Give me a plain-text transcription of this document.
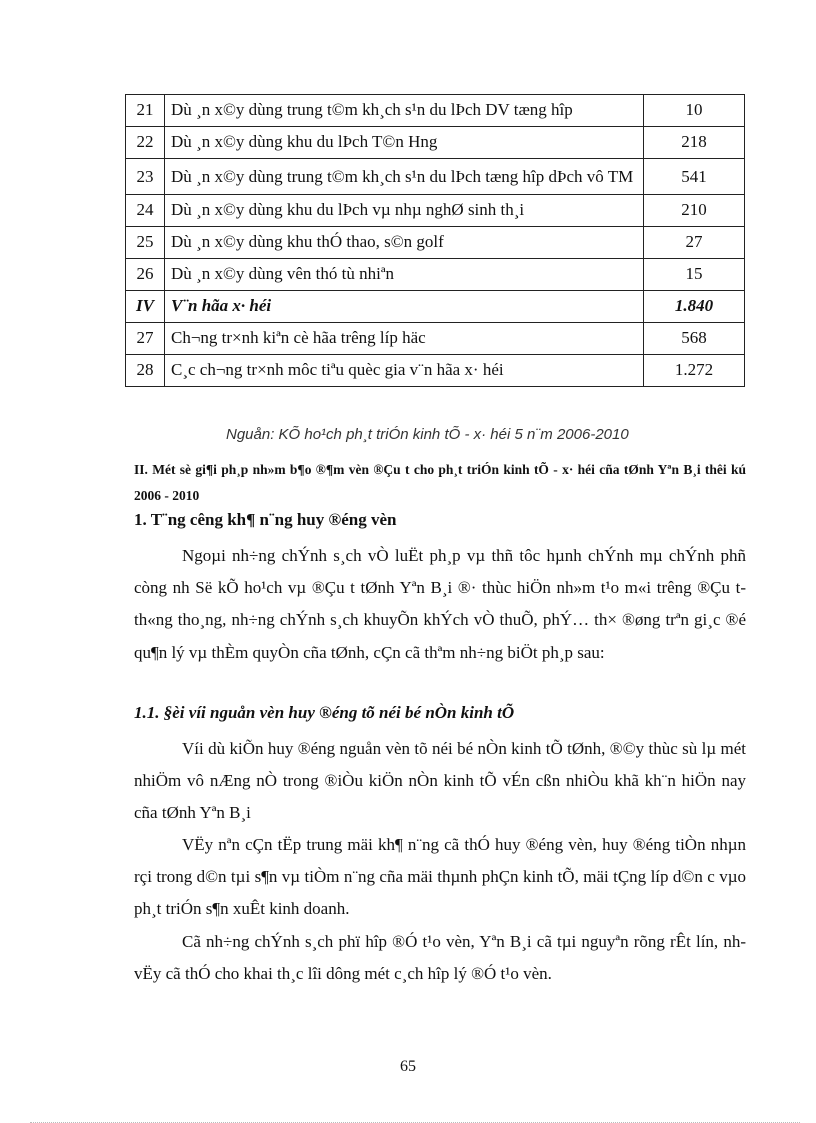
21	Dù ¸n x©y dùng trung t©m kh¸ch s¹n du lÞch DV tæng hîp	10
22	Dù ¸n x©y dùng khu du lÞch T©n Hng	218
23	Dù ¸n x©y dùng trung t©m kh¸ch s¹n du lÞch tæng hîp dÞch vô TM	541
24	Dù ¸n x©y dùng khu du lÞch vµ nhµ nghØ sinh th¸i	210
25	Dù ¸n x©y dùng khu thÓ thao, s©n golf	27
26	Dù ¸n x©y dùng vên thó tù nhiªn	15
IV	V¨n hãa x· héi	1.840
27	Ch¬ng tr×nh kiªn cè hãa trêng líp häc	568
28	C¸c ch¬ng tr×nh môc tiªu quèc gia v¨n hãa x· héi	1.272
Nguån: KÕ ho¹ch ph¸t triÓn kinh tÕ - x· héi 5 n¨m 2006-2010
II. Mét sè gi¶i ph¸p nh»m b¶o ®¶m vèn ®Çu t cho ph¸t triÓn kinh tÕ - x· héi cña tØnh Yªn B¸i thêi kú 2006 - 2010
1. T¨ng cêng kh¶ n¨ng huy ®éng vèn

Ngoµi nh÷ng chÝnh s¸ch vÒ luËt ph¸p vµ thñ tôc hµnh chÝnh mµ chÝnh phñ còng nh Së kÕ ho¹ch vµ ®Çu t tØnh Yªn B¸i ®· thùc hiÖn nh»m t¹o m«i trêng ®Çu t th«ng tho¸ng, nh÷ng chÝnh s¸ch khuyÕn khÝch vÒ thuÕ, phÝ… th× ®øng trªn gi¸c ®é qu¶n lý vµ thÈm quyÒn cña tØnh, cÇn cã thªm nh÷ng biÖt ph¸p sau:

1.1. §èi víi nguån vèn huy ®éng tõ néi bé nÒn kinh tÕ

Víi dù kiÕn huy ®éng nguån vèn tõ néi bé nÒn kinh tÕ tØnh, ®©y thùc sù lµ mét nhiÖm vô nÆng nÒ trong ®iÒu kiÖn nÒn kinh tÕ vÉn cßn nhiÒu khã kh¨n hiÖn nay cña tØnh Yªn B¸i

VËy nªn cÇn tËp trung mäi kh¶ n¨ng cã thÓ huy ®éng vèn, huy ®éng tiÒn nhµn rçi trong d©n tµi s¶n vµ tiÒm n¨ng cña mäi thµnh phÇn kinh tÕ, mäi tÇng líp d©n c vµo ph¸t triÓn s¶n xuÊt kinh doanh.

Cã nh÷ng chÝnh s¸ch phï hîp ®Ó t¹o vèn, Yªn B¸i cã tµi nguyªn rõng rÊt lín, nh vËy cã thÓ cho khai th¸c lîi dông mét c¸ch hîp lý ®Ó t¹o vèn.

65
